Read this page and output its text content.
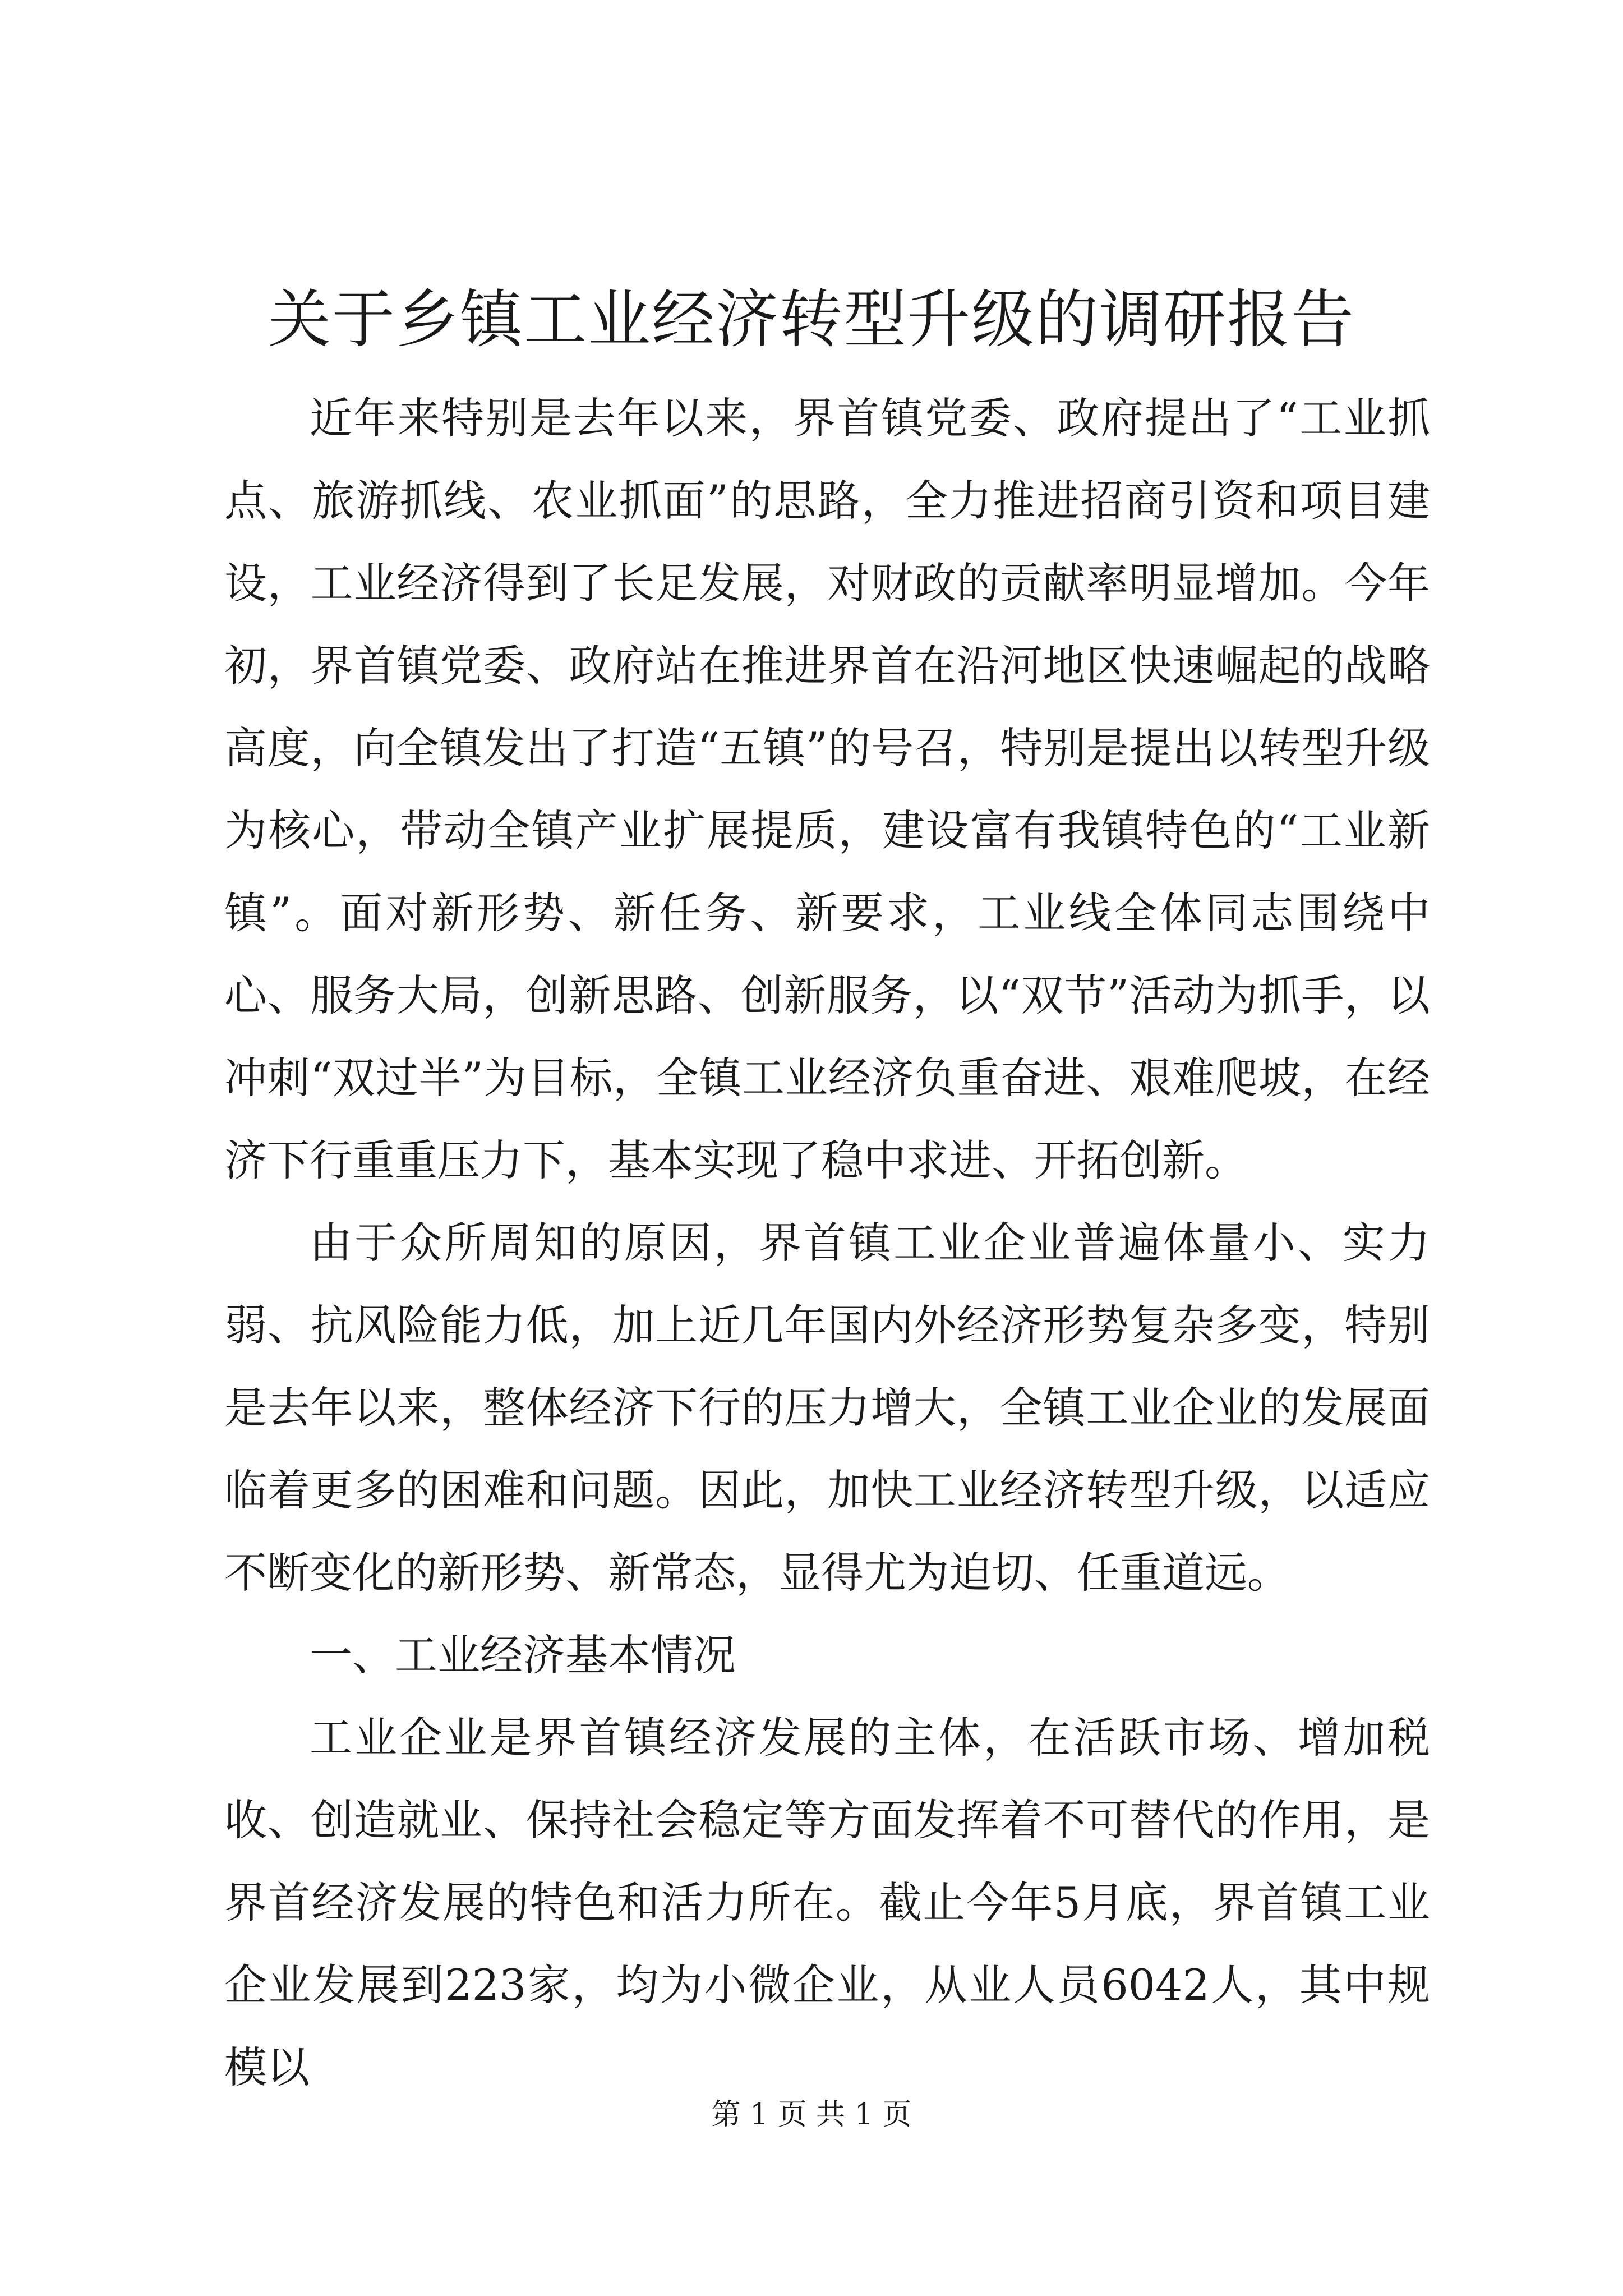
关于乡镇工业经济转型升级的调研报告

近年来特别是去年以来，界首镇党委、政府提出了“工业抓点、旅游抓线、农业抓面”的思路，全力推进招商引资和项目建设，工业经济得到了长足发展，对财政的贡献率明显增加。今年初，界首镇党委、政府站在推进界首在沿河地区快速崛起的战略高度，向全镇发出了打造“五镇”的号召，特别是提出以转型升级为核心，带动全镇产业扩展提质，建设富有我镇特色的“工业新镇”。面对新形势、新任务、新要求，工业线全体同志围绕中心、服务大局，创新思路、创新服务，以“双节”活动为抓手，以冲刺“双过半”为目标，全镇工业经济负重奋进、艰难爬坡，在经济下行重重压力下，基本实现了稳中求进、开拓创新。

由于众所周知的原因，界首镇工业企业普遍体量小、实力弱、抗风险能力低，加上近几年国内外经济形势复杂多变，特别是去年以来，整体经济下行的压力增大，全镇工业企业的发展面临着更多的困难和问题。因此，加快工业经济转型升级，以适应不断变化的新形势、新常态，显得尤为迫切、任重道远。

一、工业经济基本情况

工业企业是界首镇经济发展的主体，在活跃市场、增加税收、创造就业、保持社会稳定等方面发挥着不可替代的作用，是界首经济发展的特色和活力所在。截止今年5月底，界首镇工业企业发展到223家，均为小微企业，从业人员6042人，其中规模以

第 1 页 共 1 页
